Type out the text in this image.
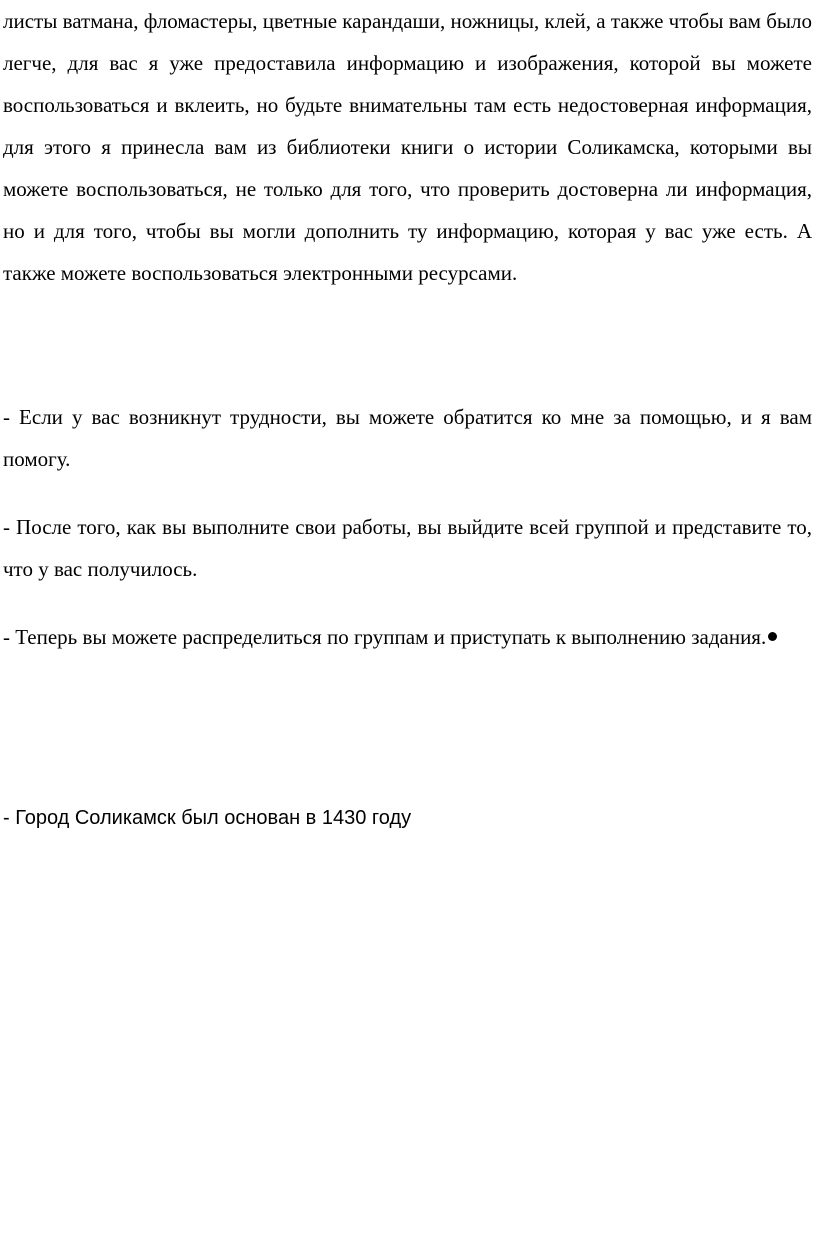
листы ватмана, фломастеры, цветные карандаши, ножницы, клей, а также чтобы вам было легче, для вас я уже предоставила информацию и изображения, которой вы можете воспользоваться и вклеить, но будьте внимательны там есть недостоверная информация, для этого я принесла вам из библиотеки книги о истории Соликамска, которыми вы можете воспользоваться, не только для того, что проверить достоверна ли информация, но и для того, чтобы вы могли дополнить ту информацию, которая у вас уже есть. А также можете воспользоваться электронными ресурсами.

- Если у вас возникнут трудности, вы можете обратится ко мне за помощью, и я вам помогу.

- После того, как вы выполните свои работы, вы выйдите всей группой и представите то, что у вас получилось.

- Теперь вы можете распределиться по группам и приступать к выполнению задания.

- Город Соликамск был основан в 1430 году
